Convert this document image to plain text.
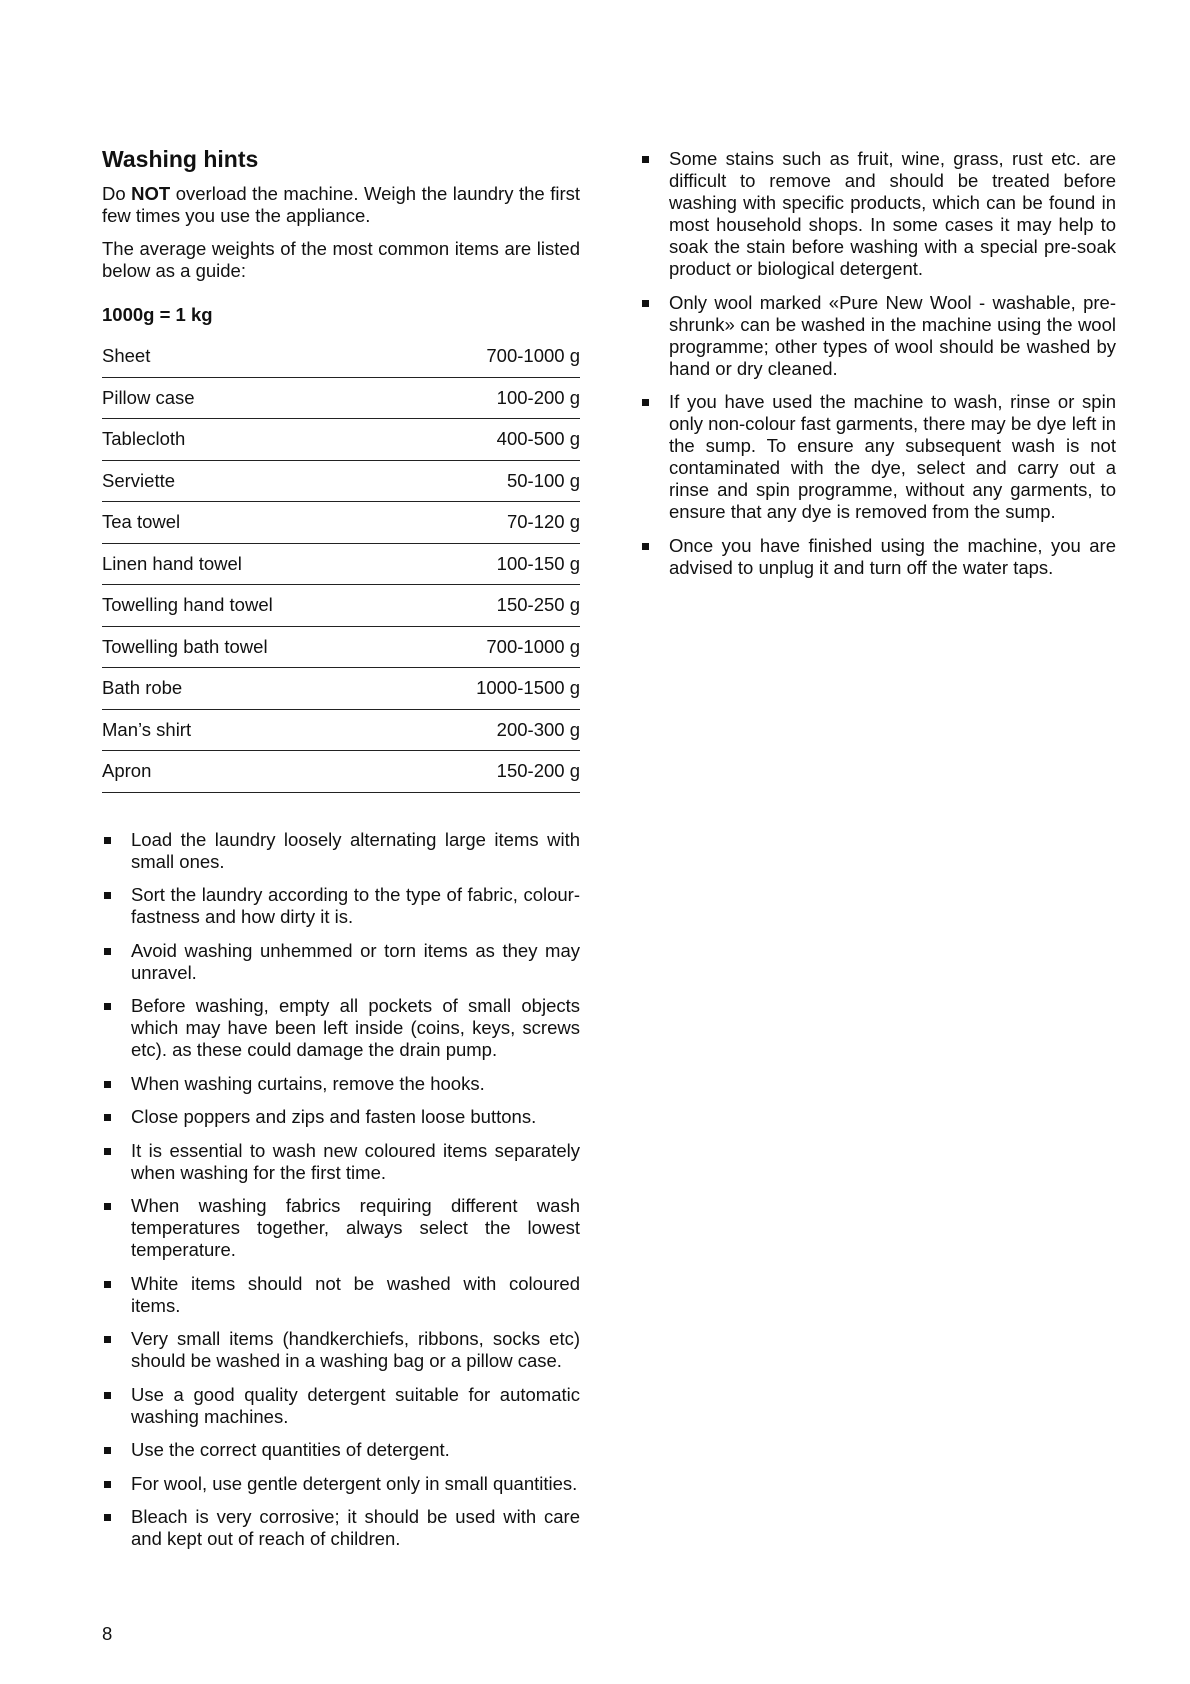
Washing hints

Do NOT overload the machine. Weigh the laundry the first few times you use the appliance.

The average weights of the most common items are listed below as a guide:

1000g = 1 kg
Sheet	700-1000 g
Pillow case	100-200 g
Tablecloth	400-500 g
Serviette	50-100 g
Tea towel	70-120 g
Linen hand towel	100-150 g
Towelling hand towel	150-250 g
Towelling bath towel	700-1000 g
Bath robe	1000-1500 g
Man’s shirt	200-300 g
Apron	150-200 g
Load the laundry loosely alternating large items with small ones.
Sort the laundry according to the type of fabric, colour-fastness and how dirty it is.
Avoid washing unhemmed or torn items as they may unravel.
Before washing, empty all pockets of small objects which may have been left inside (coins, keys, screws etc). as these could damage the drain pump.
When washing curtains, remove the hooks.
Close poppers and zips and fasten loose buttons.
It is essential to wash new coloured items separately when washing for the first time.
When washing fabrics requiring different wash temperatures together, always select the lowest temperature.
White items should not be washed with coloured items.
Very small items (handkerchiefs, ribbons, socks etc) should be washed in a washing bag or a pillow case.
Use a good quality detergent suitable for automatic washing machines.
Use the correct quantities of detergent.
For wool, use gentle detergent only in small quantities.
Bleach is very corrosive; it should be used with care and kept out of reach of children.
Some stains such as fruit, wine, grass, rust etc. are difficult to remove and should be treated before washing with specific products, which can be found in most household shops. In some cases it may help to soak the stain before washing with a special pre-soak product or biological detergent.
Only wool marked «Pure New Wool - washable, pre-shrunk» can be washed in the machine using the wool programme; other types of wool should be washed by hand or dry cleaned.
If you have used the machine to wash, rinse or spin only non-colour fast garments, there may be dye left in the sump. To ensure any subsequent wash is not contaminated with the dye, select and carry out a rinse and spin programme, without any garments, to ensure that any dye is removed from the sump.
Once you have finished using the machine, you are advised to unplug it and turn off the water taps.
8
